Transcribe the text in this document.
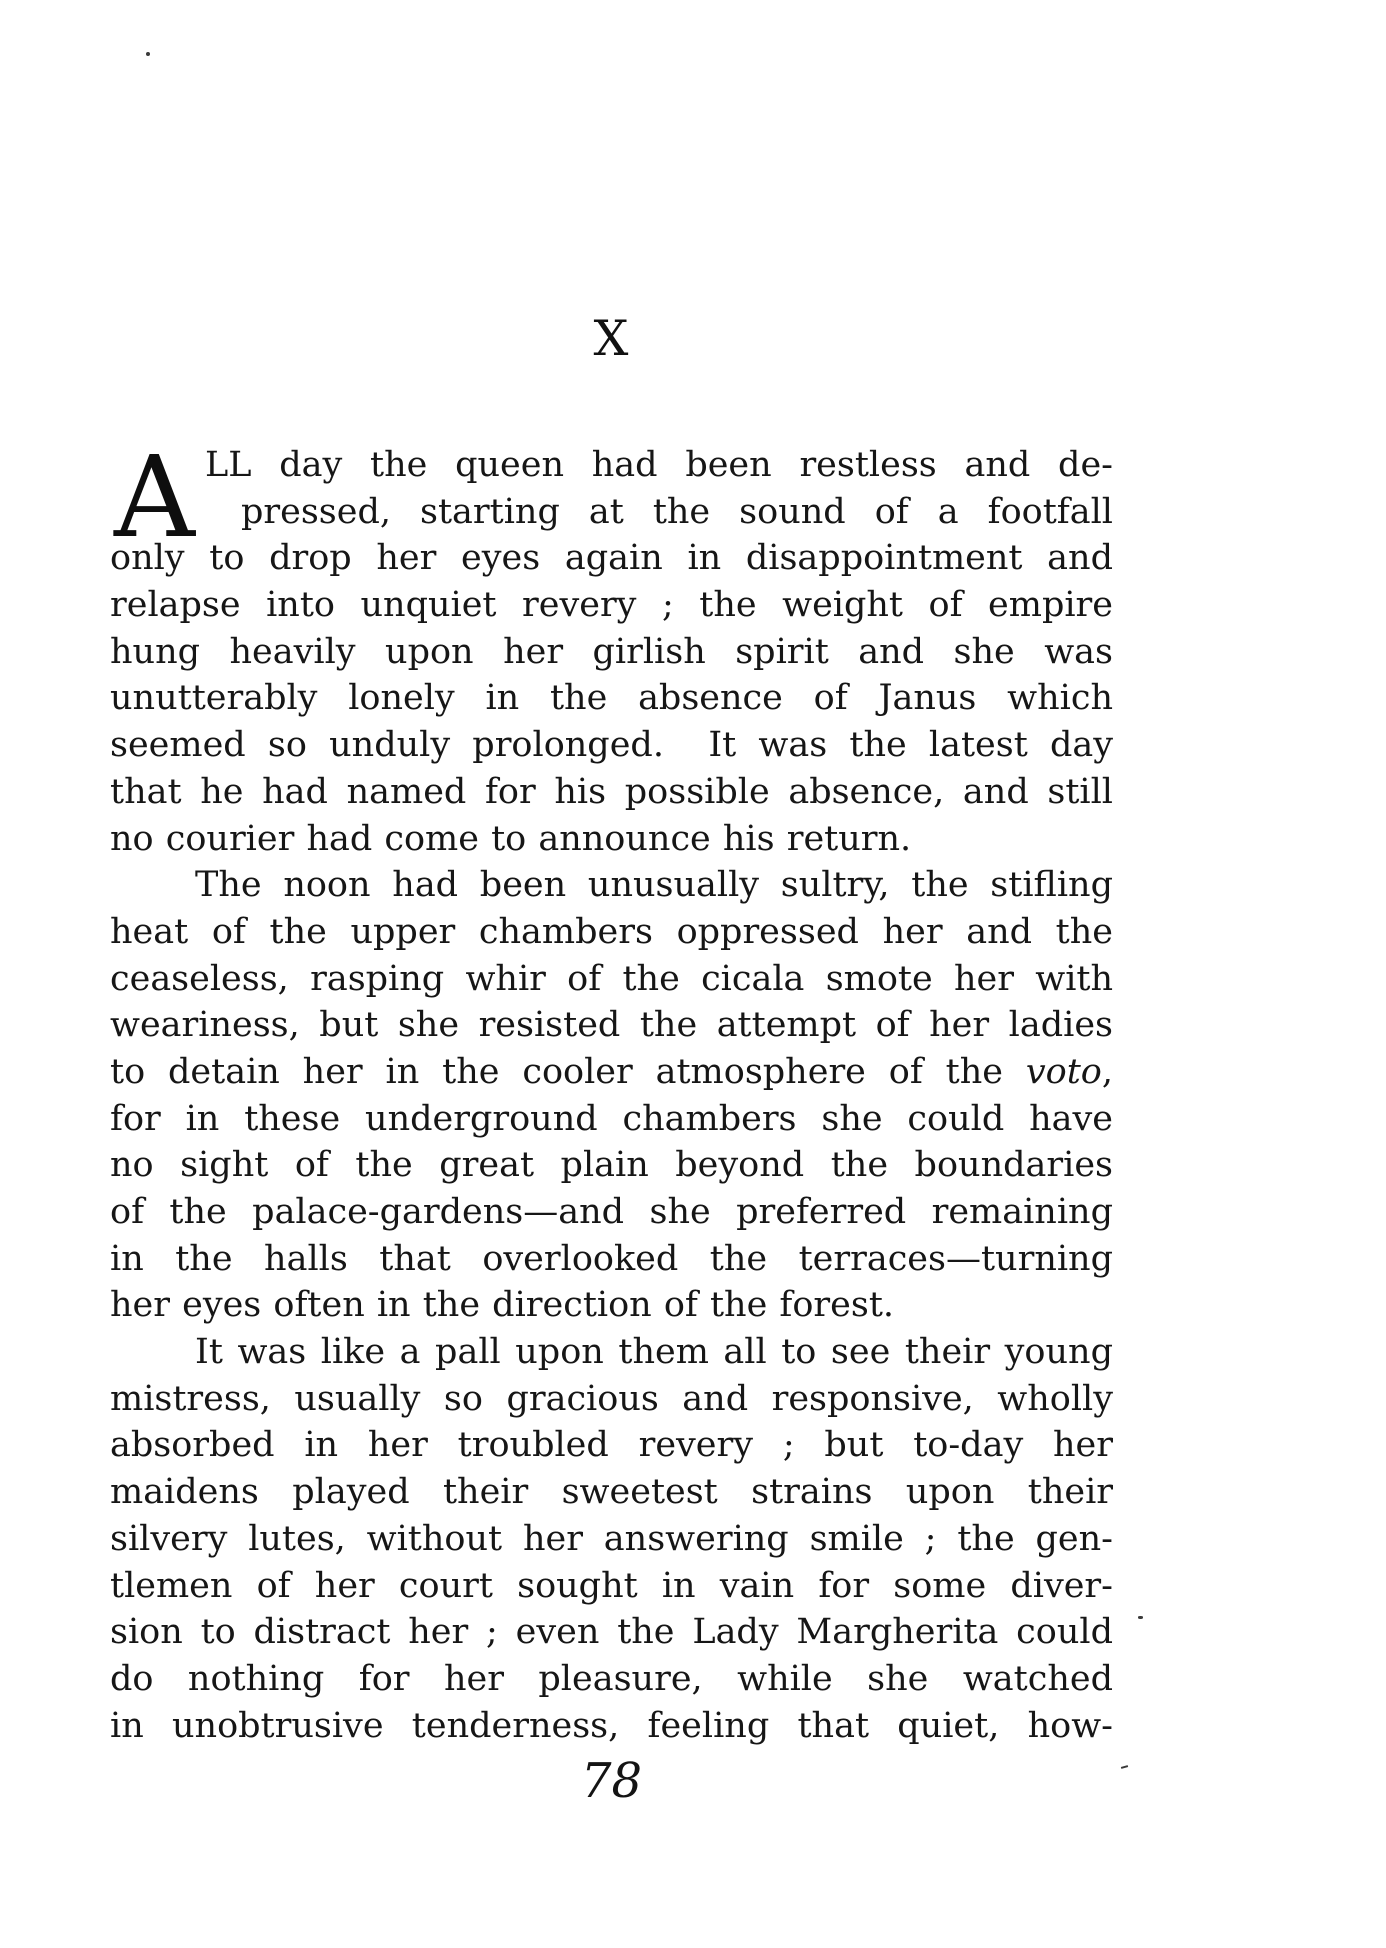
X
A LL day the queen had been restless and de-
pressed, starting at the sound of a footfall
only to drop her eyes again in disappointment and
relapse into unquiet revery ; the weight of empire
hung heavily upon her girlish spirit and she was
unutterably lonely in the absence of Janus which
seemed so unduly prolonged.  It was the latest day
that he had named for his possible absence, and still
no courier had come to announce his return.
The noon had been unusually sultry, the stifling
heat of the upper chambers oppressed her and the
ceaseless, rasping whir of the cicala smote her with
weariness, but she resisted the attempt of her ladies
to detain her in the cooler atmosphere of the voto,
for in these underground chambers she could have
no sight of the great plain beyond the boundaries
of the palace-gardens—and she preferred remaining
in the halls that overlooked the terraces—turning
her eyes often in the direction of the forest.
It was like a pall upon them all to see their young
mistress, usually so gracious and responsive, wholly
absorbed in her troubled revery ; but to-day her
maidens played their sweetest strains upon their
silvery lutes, without her answering smile ; the gen-
tlemen of her court sought in vain for some diver-
sion to distract her ; even the Lady Margherita could
do nothing for her pleasure, while she watched
in unobtrusive tenderness, feeling that quiet, how-
78
